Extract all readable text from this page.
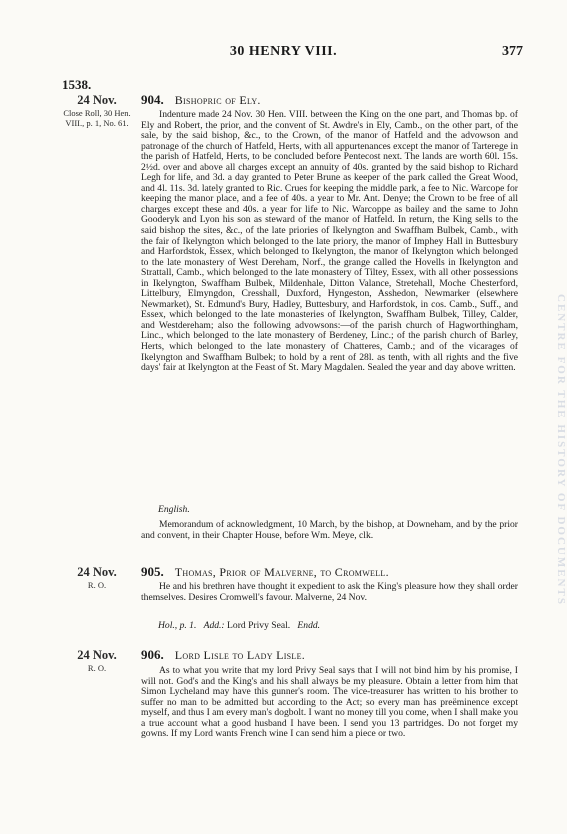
30 HENRY VIII.	377
1538.
24 Nov.
Close Roll, 30 Hen. VIII., p. 1, No. 61.
904. Bishopric of Ely.
Indenture made 24 Nov. 30 Hen. VIII. between the King on the one part, and Thomas bp. of Ely and Robert, the prior, and the convent of St. Awdre's in Ely, Camb., on the other part, of the sale, by the said bishop, &c., to the Crown, of the manor of Hatfeld and the advowson and patronage of the church of Hatfeld, Herts, with all appurtenances except the manor of Tarterege in the parish of Hatfeld, Herts, to be concluded before Pentecost next. The lands are worth 60l. 15s. 2½d. over and above all charges except an annuity of 40s. granted by the said bishop to Richard Legh for life, and 3d. a day granted to Peter Brune as keeper of the park called the Great Wood, and 4l. 11s. 3d. lately granted to Ric. Crues for keeping the middle park, a fee to Nic. Warcope for keeping the manor place, and a fee of 40s. a year to Mr. Ant. Denye; the Crown to be free of all charges except these and 40s. a year for life to Nic. Warcoppe as bailey and the same to John Gooderyk and Lyon his son as steward of the manor of Hatfeld. In return, the King sells to the said bishop the sites, &c., of the late priories of Ikelyngton and Swaffham Bulbek, Camb., with the fair of Ikelyngton which belonged to the late priory, the manor of Imphey Hall in Buttesbury and Harfordstok, Essex, which belonged to Ikelyngton, the manor of Ikelyngton which belonged to the late monastery of West Dereham, Norf., the grange called the Hovells in Ikelyngton and Strattall, Camb., which belonged to the late monastery of Tiltey, Essex, with all other possessions in Ikelyngton, Swaffham Bulbek, Mildenhale, Ditton Valance, Stretehall, Moche Chesterford, Littelbury, Elmyngdon, Cresshall, Duxford, Hyngeston, Asshedon, Newmarker (elsewhere Newmarket), St. Edmund's Bury, Hadley, Buttesbury, and Harfordstok, in cos. Camb., Suff., and Essex, which belonged to the late monasteries of Ikelyngton, Swaffham Bulbek, Tilley, Calder, and Westdereham; also the following advowsons:—of the parish church of Hagworthingham, Linc., which belonged to the late monastery of Berdeney, Linc.; of the parish church of Barley, Herts, which belonged to the late monastery of Chatteres, Camb.; and of the vicarages of Ikelyngton and Swaffham Bulbek; to hold by a rent of 28l. as tenth, with all rights and the five days' fair at Ikelyngton at the Feast of St. Mary Magdalen. Sealed the year and day above written.
English.
Memorandum of acknowledgment, 10 March, by the bishop, at Downeham, and by the prior and convent, in their Chapter House, before Wm. Meye, clk.
24 Nov.
R. O.
905. Thomas, Prior of Malverne, to Cromwell.
He and his brethren have thought it expedient to ask the King's pleasure how they shall order themselves. Desires Cromwell's favour. Malverne, 24 Nov.
Hol., p. 1. Add.: Lord Privy Seal. Endd.
24 Nov.
R. O.
906. Lord Lisle to Lady Lisle.
As to what you write that my lord Privy Seal says that I will not bind him by his promise, I will not. God's and the King's and his shall always be my pleasure. Obtain a letter from him that Simon Lycheland may have this gunner's room. The vice-treasurer has written to his brother to suffer no man to be admitted but according to the Act; so every man has preëminence except myself, and thus I am every man's dogbolt. I want no money till you come, when I shall make you a true account what a good husband I have been. I send you 13 partridges. Do not forget my gowns. If my Lord wants French wine I can send him a piece or two.
CENTRE FOR THE HISTORY OF DOCUMENTS
